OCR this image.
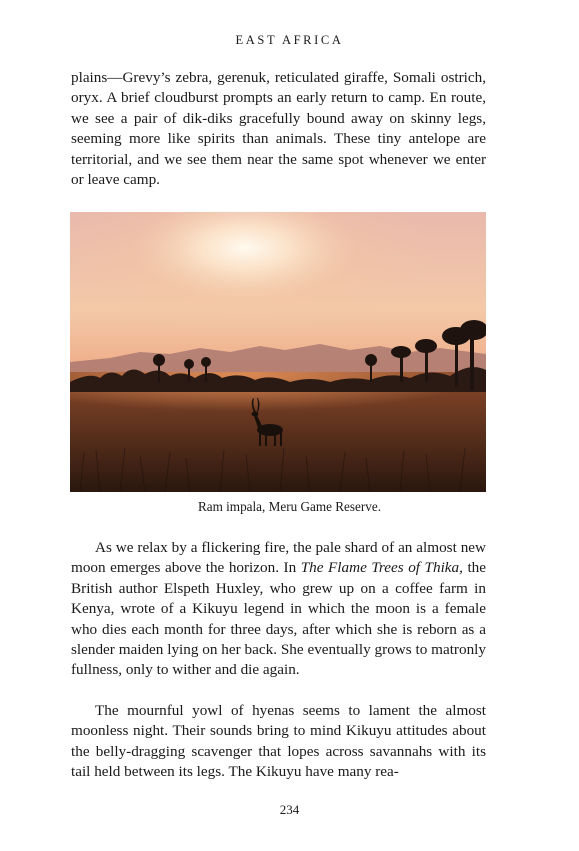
EAST AFRICA

plains—Grevy’s zebra, gerenuk, reticulated giraffe, Somali ostrich, oryx. A brief cloudburst prompts an early return to camp. En route, we see a pair of dik-diks gracefully bound away on skinny legs, seeming more like spirits than animals. These tiny antelope are territorial, and we see them near the same spot whenever we enter or leave camp.

Ram impala, Meru Game Reserve.

As we relax by a flickering fire, the pale shard of an almost new moon emerges above the horizon. In The Flame Trees of Thika, the British author Elspeth Huxley, who grew up on a coffee farm in Kenya, wrote of a Kikuyu legend in which the moon is a female who dies each month for three days, after which she is reborn as a slender maiden lying on her back. She eventually grows to matronly fullness, only to wither and die again.

The mournful yowl of hyenas seems to lament the almost moonless night. Their sounds bring to mind Kikuyu attitudes about the belly-dragging scavenger that lopes across savannahs with its tail held between its legs. The Kikuyu have many rea-

234
